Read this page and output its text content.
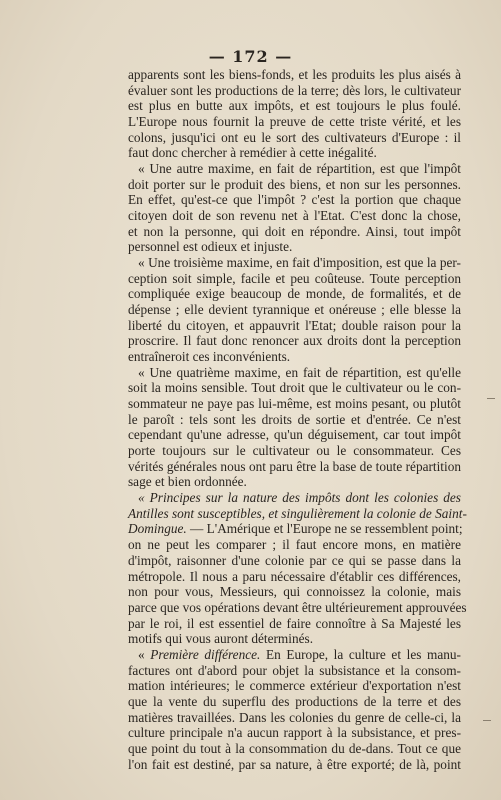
— 172 —
apparents sont les biens-fonds, et les produits les plus aisés à
évaluer sont les productions de la terre; dès lors, le cultivateur
est plus en butte aux impôts, et est toujours le plus foulé.
L'Europe nous fournit la preuve de cette triste vérité, et les
colons, jusqu'ici ont eu le sort des cultivateurs d'Europe : il
faut donc chercher à remédier à cette inégalité.
« Une autre maxime, en fait de répartition, est que l'impôt
doit porter sur le produit des biens, et non sur les personnes.
En effet, qu'est-ce que l'impôt ? c'est la portion que chaque
citoyen doit de son revenu net à l'Etat. C'est donc la chose,
et non la personne, qui doit en répondre. Ainsi, tout impôt
personnel est odieux et injuste.
« Une troisième maxime, en fait d'imposition, est que la per-
ception soit simple, facile et peu coûteuse. Toute perception
compliquée exige beaucoup de monde, de formalités, et de
dépense ; elle devient tyrannique et onéreuse ; elle blesse la
liberté du citoyen, et appauvrit l'Etat; double raison pour la
proscrire. Il faut donc renoncer aux droits dont la perception
entraîneroit ces inconvénients.
« Une quatrième maxime, en fait de répartition, est qu'elle
soit la moins sensible. Tout droit que le cultivateur ou le con-
sommateur ne paye pas lui-même, est moins pesant, ou plutôt
le paroît : tels sont les droits de sortie et d'entrée. Ce n'est
cependant qu'une adresse, qu'un déguisement, car tout impôt
porte toujours sur le cultivateur ou le consommateur. Ces
vérités générales nous ont paru être la base de toute répartition
sage et bien ordonnée.
« Principes sur la nature des impôts dont les colonies des
Antilles sont susceptibles, et singulièrement la colonie de Saint-
Domingue. — L'Amérique et l'Europe ne se ressemblent point;
on ne peut les comparer ; il faut encore mons, en matière
d'impôt, raisonner d'une colonie par ce qui se passe dans la
métropole. Il nous a paru nécessaire d'établir ces différences,
non pour vous, Messieurs, qui connoissez la colonie, mais
parce que vos opérations devant être ultérieurement approuvées
par le roi, il est essentiel de faire connoître à Sa Majesté les
motifs qui vous auront déterminés.
« Première différence. En Europe, la culture et les manu-
factures ont d'abord pour objet la subsistance et la consom-
mation intérieures; le commerce extérieur d'exportation n'est
que la vente du superflu des productions de la terre et des
matières travaillées. Dans les colonies du genre de celle-ci, la
culture principale n'a aucun rapport à la subsistance, et pres-
que point du tout à la consommation du de-dans. Tout ce que
l'on fait est destiné, par sa nature, à être exporté; de là, point
